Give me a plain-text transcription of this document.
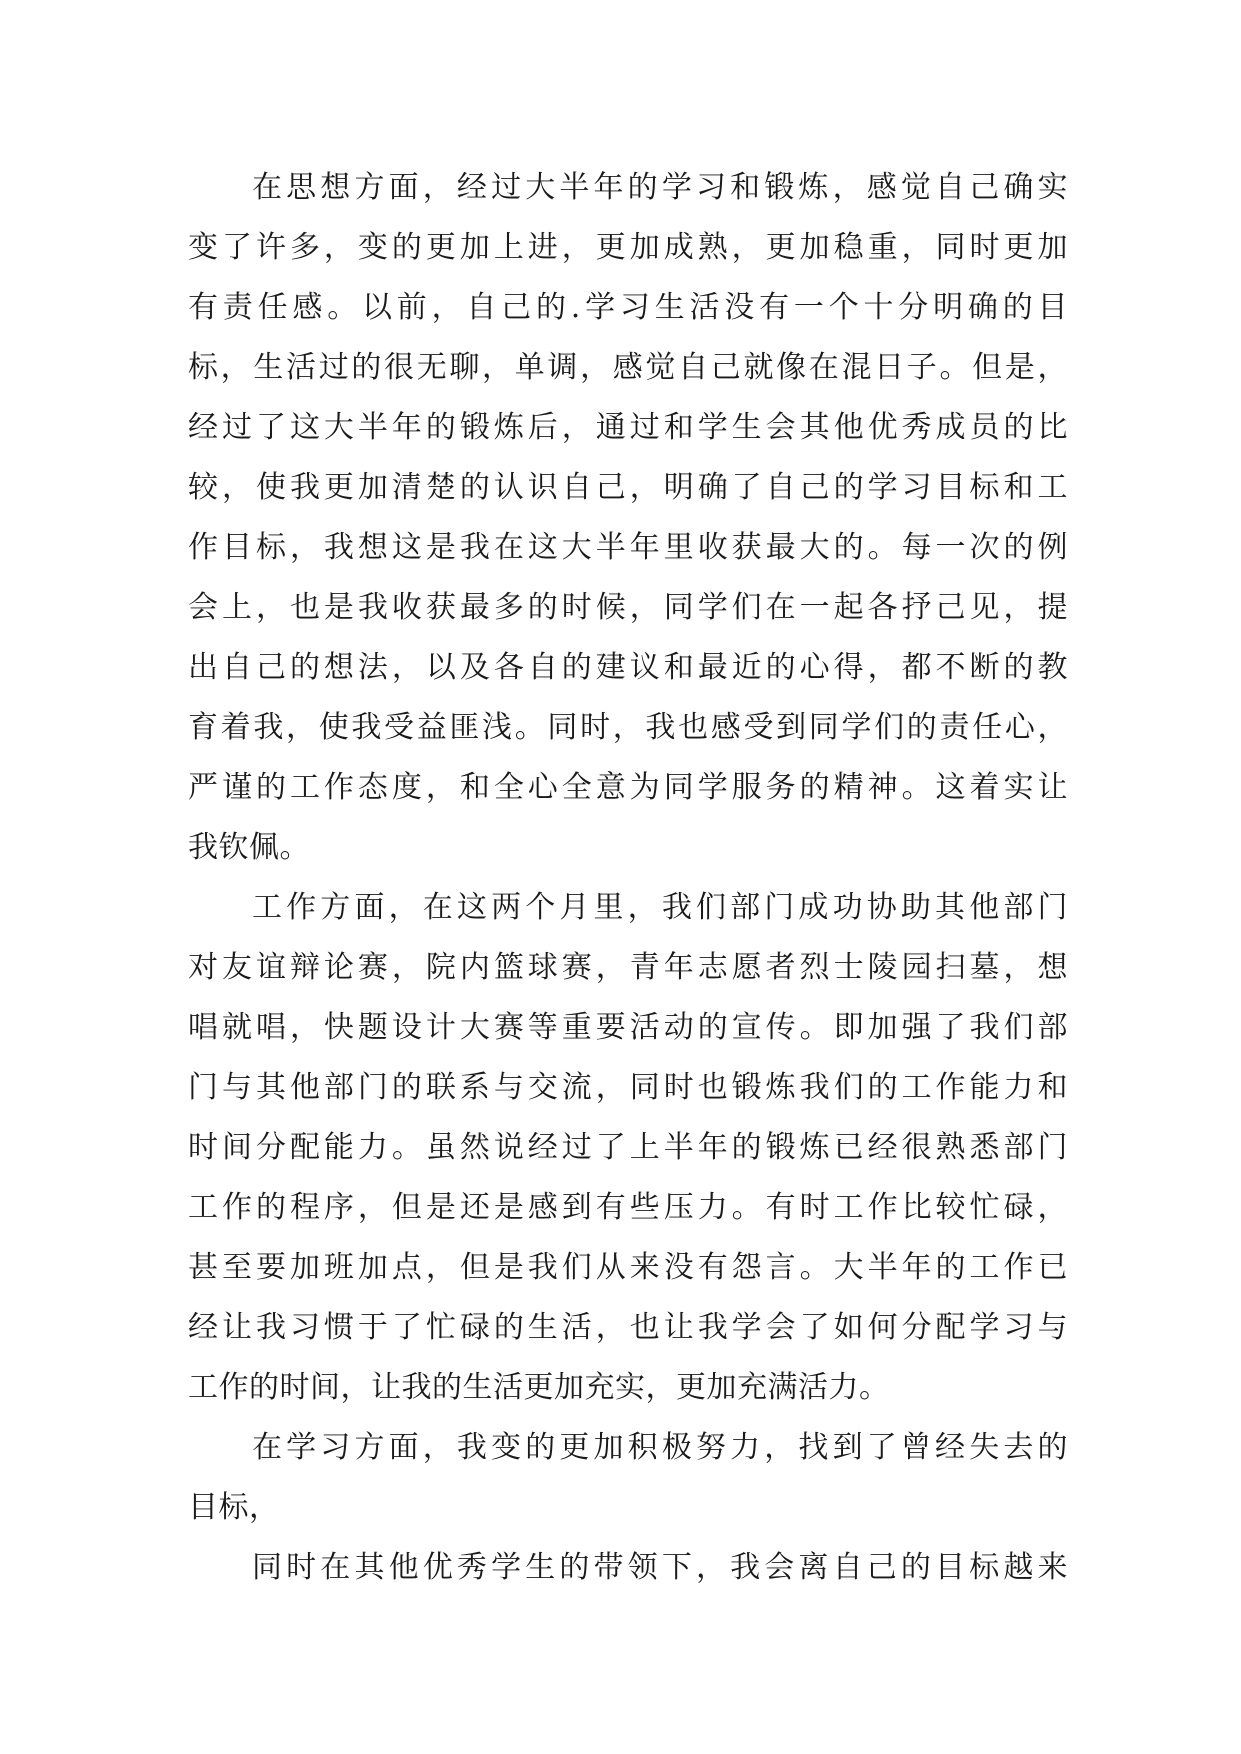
在思想方面，经过大半年的学习和锻炼，感觉自己确实
变了许多，变的更加上进，更加成熟，更加稳重，同时更加
有责任感。以前，自己的.学习生活没有一个十分明确的目
标，生活过的很无聊，单调，感觉自己就像在混日子。但是，
经过了这大半年的锻炼后，通过和学生会其他优秀成员的比
较，使我更加清楚的认识自己，明确了自己的学习目标和工
作目标，我想这是我在这大半年里收获最大的。每一次的例
会上，也是我收获最多的时候，同学们在一起各抒己见，提
出自己的想法，以及各自的建议和最近的心得，都不断的教
育着我，使我受益匪浅。同时，我也感受到同学们的责任心，
严谨的工作态度，和全心全意为同学服务的精神。这着实让
我钦佩。
工作方面，在这两个月里，我们部门成功协助其他部门
对友谊辩论赛，院内篮球赛，青年志愿者烈士陵园扫墓，想
唱就唱，快题设计大赛等重要活动的宣传。即加强了我们部
门与其他部门的联系与交流，同时也锻炼我们的工作能力和
时间分配能力。虽然说经过了上半年的锻炼已经很熟悉部门
工作的程序，但是还是感到有些压力。有时工作比较忙碌，
甚至要加班加点，但是我们从来没有怨言。大半年的工作已
经让我习惯于了忙碌的生活，也让我学会了如何分配学习与
工作的时间，让我的生活更加充实，更加充满活力。
在学习方面，我变的更加积极努力，找到了曾经失去的
目标，
同时在其他优秀学生的带领下，我会离自己的目标越来
